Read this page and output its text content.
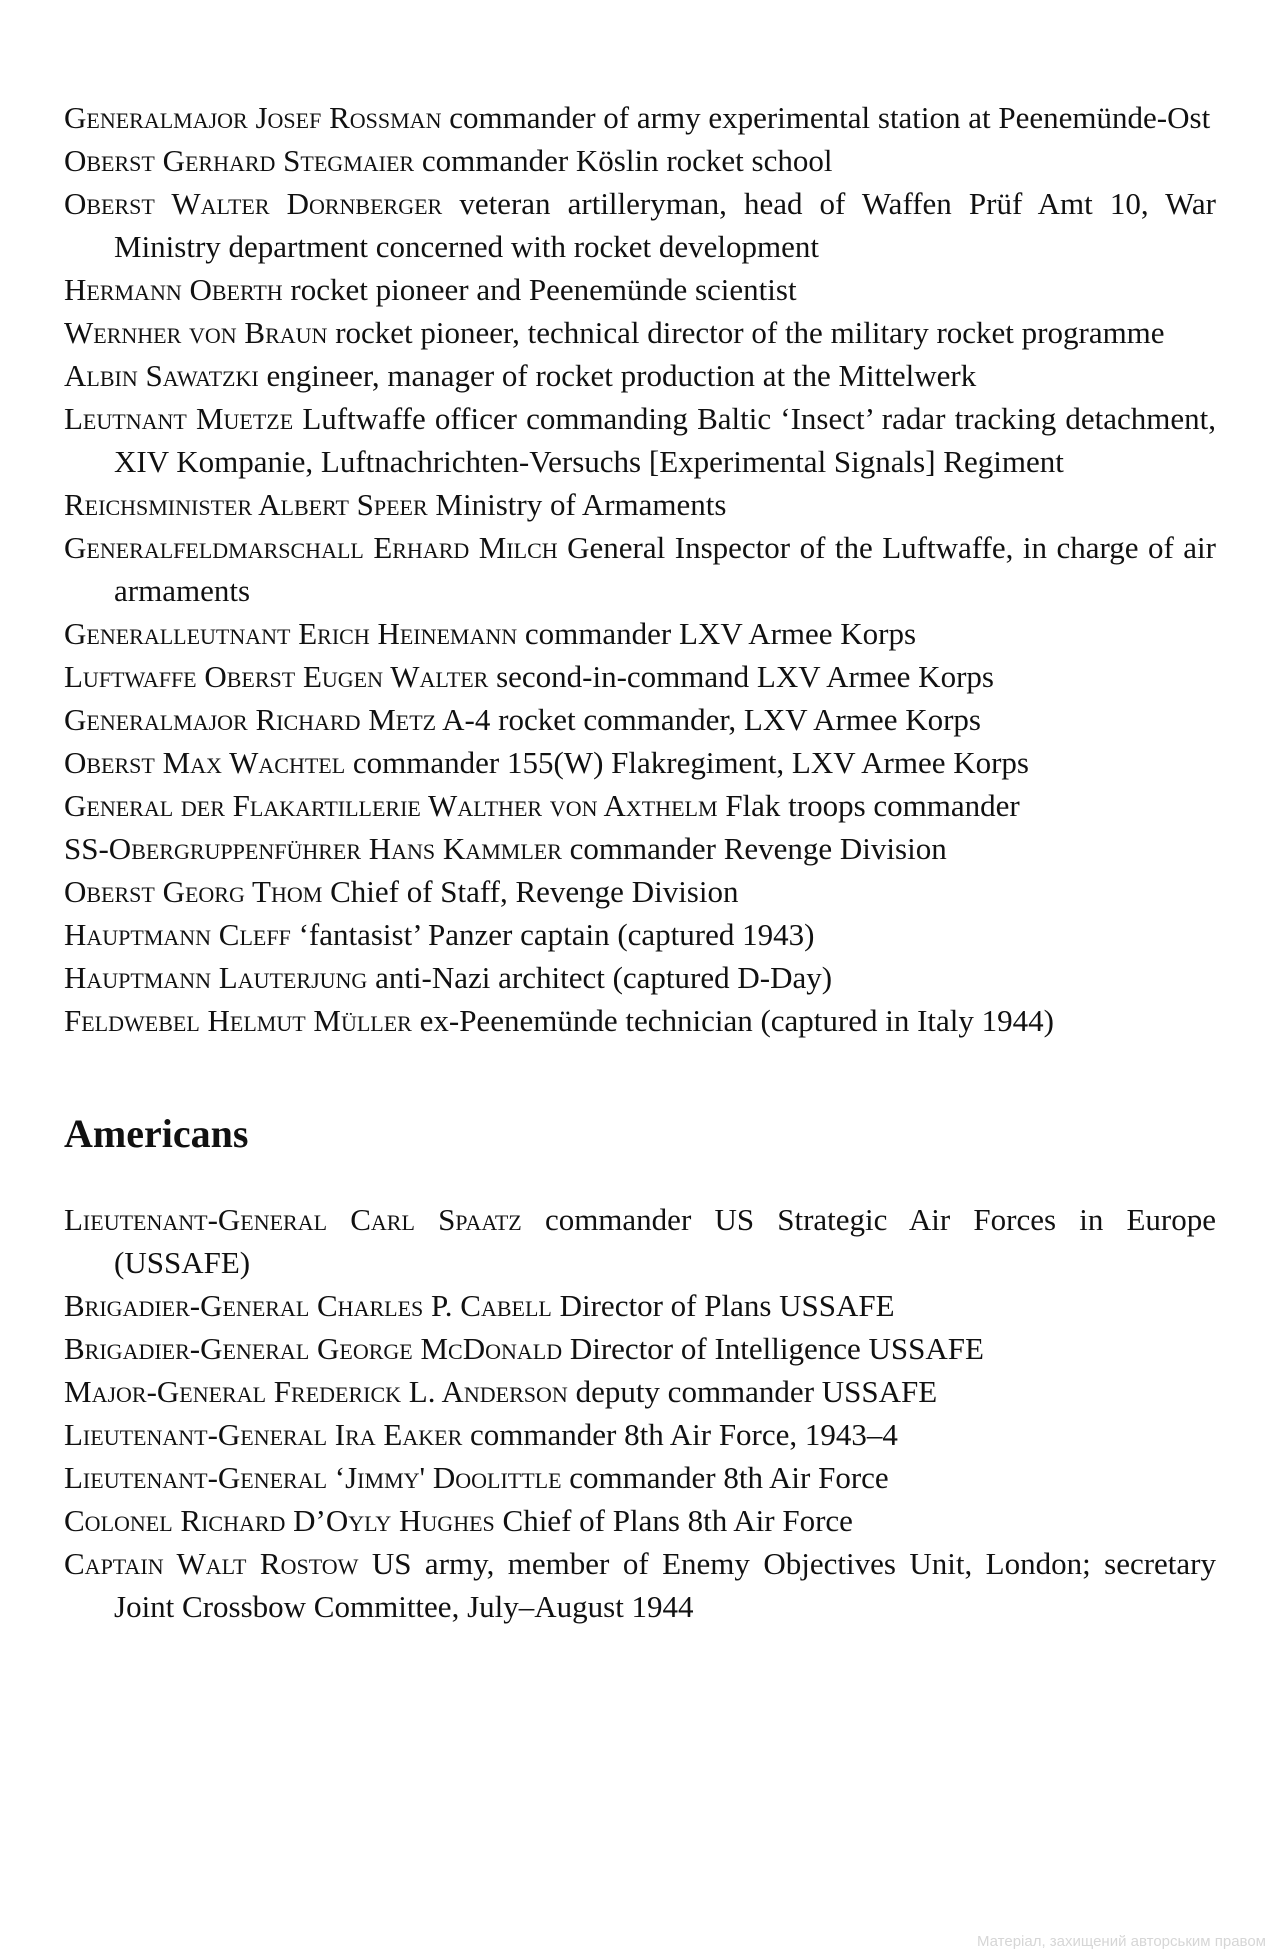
Generalmajor Josef Rossman commander of army experimental station at Peenemünde-Ost

Oberst Gerhard Stegmaier commander Köslin rocket school

Oberst Walter Dornberger veteran artilleryman, head of Waffen Prüf Amt 10, War Ministry department concerned with rocket development

Hermann Oberth rocket pioneer and Peenemünde scientist

Wernher von Braun rocket pioneer, technical director of the military rocket programme

Albin Sawatzki engineer, manager of rocket production at the Mittelwerk

Leutnant Muetze Luftwaffe officer commanding Baltic ‘Insect’ radar tracking detachment, XIV Kompanie, Luftnachrichten-Versuchs [Experimental Signals] Regiment

Reichsminister Albert Speer Ministry of Armaments

Generalfeldmarschall Erhard Milch General Inspector of the Luftwaffe, in charge of air armaments

Generalleutnant Erich Heinemann commander LXV Armee Korps

Luftwaffe Oberst Eugen Walter second-in-command LXV Armee Korps

Generalmajor Richard Metz A-4 rocket commander, LXV Armee Korps

Oberst Max Wachtel commander 155(W) Flakregiment, LXV Armee Korps

General der Flakartillerie Walther von Axthelm Flak troops commander

SS-Obergruppenführer Hans Kammler commander Revenge Division

Oberst Georg Thom Chief of Staff, Revenge Division

Hauptmann Cleff ‘fantasist’ Panzer captain (captured 1943)

Hauptmann Lauterjung anti-Nazi architect (captured D-Day)

Feldwebel Helmut Müller ex-Peenemünde technician (captured in Italy 1944)

Americans

Lieutenant-General Carl Spaatz commander US Strategic Air Forces in Europe (USSAFE)

Brigadier-General Charles P. Cabell Director of Plans USSAFE

Brigadier-General George McDonald Director of Intelligence USSAFE

Major-General Frederick L. Anderson deputy commander USSAFE

Lieutenant-General Ira Eaker commander 8th Air Force, 1943–4

Lieutenant-General ‘Jimmy' Doolittle commander 8th Air Force

Colonel Richard D’Oyly Hughes Chief of Plans 8th Air Force

Captain Walt Rostow US army, member of Enemy Objectives Unit, London; secretary Joint Crossbow Committee, July–August 1944

Матеріал, захищений авторським правом
